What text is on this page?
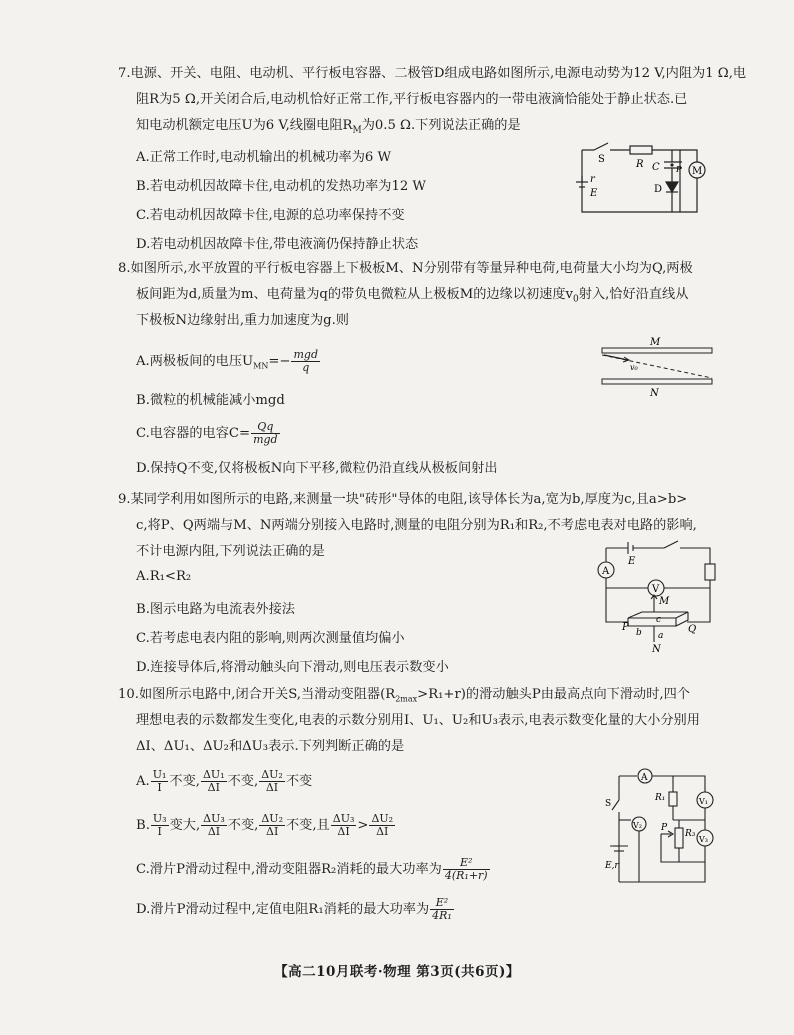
7.电源、开关、电阻、电动机、平行板电容器、二极管D组成电路如图所示,电源电动势为12 V,内阻为1 Ω,电
阻R为5 Ω,开关闭合后,电动机恰好正常工作,平行板电容器内的一带电液滴恰能处于静止状态.已
知电动机额定电压U为6 V,线圈电阻$R_M$为0.5 Ω.下列说法正确的是
A.正常工作时,电动机输出的机械功率为6 W
B.若电动机因故障卡住,电动机的发热功率为12 W
C.若电动机因故障卡住,电源的总功率保持不变
D.若电动机因故障卡住,带电液滴仍保持静止状态
S
r
E
R C P
D
M
8.如图所示,水平放置的平行板电容器上下极板M、N分别带有等量异种电荷,电荷量大小均为Q,两极
板间距为d,质量为m、电荷量为q的带负电微粒从上极板M的边缘以初速度$v_0$射入,恰好沿直线从
下极板N边缘射出,重力加速度为g.则
A.两极板间的电压$U_{MN}=- \frac{\text{mgd}}{q}$
B.微粒的机械能减小mgd
C.电容器的电容$C= \frac{Qq}{\text{mgd}}$
D.保持Q不变,仅将极板N向下平移,微粒仍沿直线从极板间射出
M
v₀
N
9.某同学利用如图所示的电路,来测量一块"砖形"导体的电阻,该导体长为a,宽为b,厚度为c,且a>b>
c,将P、Q两端与M、N两端分别接入电路时,测量的电阻分别为R₁和R₂,不考虑电表对电路的影响,
不计电源内阻,下列说法正确的是
A.R₁<R₂
B.图示电路为电流表外接法
C.若考虑电表内阻的影响,则两次测量值均偏小
D.连接导体后,将滑动触头向下滑动,则电压表示数变小
A
V
E
M
P	Q
c
b a
N
10.如图所示电路中,闭合开关S,当滑动变阻器$(R_{2max}>R_1+r)$的滑动触头P由最高点向下滑动时,四个
理想电表的示数都发生变化,电表的示数分别用I、U₁、U₂和U₃表示,电表示数变化量的大小分别用
ΔI、ΔU₁、ΔU₂和ΔU₃表示.下列判断正确的是
A. $\frac{\text{U₁}}{I}$ 不变, $\frac{\text{ΔU₁}}{\Delta I}$ 不变, $\frac{\text{ΔU₂}}{\Delta I}$ 不变
B. $\frac{\text{U₃}}{I}$ 变大, $\frac{\text{ΔU₃}}{\Delta I}$ 不变, $\frac{\text{ΔU₂}}{\Delta I}$ 不变,且 $\frac{\text{ΔU₃}}{\Delta I} > \frac{\text{ΔU₂}}{\Delta I}$
C.滑片P滑动过程中,滑动变阻器R₂消耗的最大功率为 $\frac{\text{E²}}{\text{4(R₁+r)}}$
D.滑片P滑动过程中,定值电阻R₁消耗的最大功率为 $\frac{\text{E²}}{\text{4R₁}}$
A
V₁
V₂
V₃
S
E,r
R₁
R₃
P
【高二10月联考·物理 第3页(共6页)】
